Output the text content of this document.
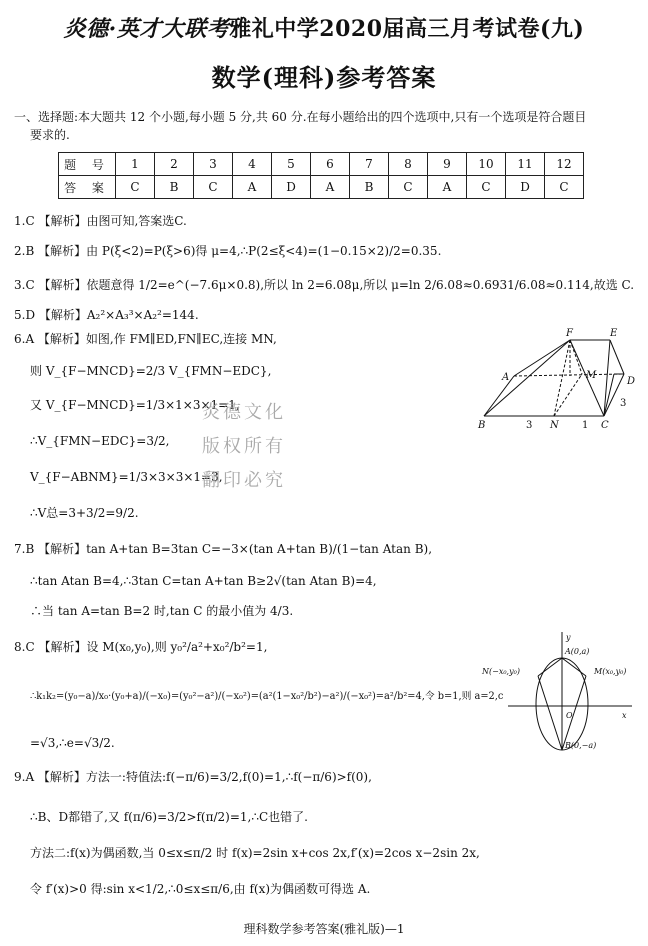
炎德·英才大联考雅礼中学2020届高三月考试卷(九)
数学(理科)参考答案
一、选择题:本大题共 12 个小题,每小题 5 分,共 60 分.在每小题给出的四个选项中,只有一个选项是符合题目
要求的.
题 号	1	2	3	4	5	6	7	8	9	10	11	12
答 案	C	B	C	A	D	A	B	C	A	C	D	C
1.C 【解析】由图可知,答案选C.
2.B 【解析】由 P(ξ<2)=P(ξ>6)得 μ=4,∴P(2≤ξ<4)=(1−0.15×2)/2=0.35.
3.C 【解析】依题意得 1/2=e^(−7.6μ×0.8),所以 ln 2=6.08μ,所以 μ=ln 2/6.08≈0.6931/6.08≈0.114,故选 C.
5.D 【解析】A₂²×A₃³×A₂²=144.
6.A 【解析】如图,作 FM∥ED,FN∥EC,连接 MN,
则 V_{F−MNCD}=2/3 V_{FMN−EDC},
又 V_{F−MNCD}=1/3×1×3×1=1,
∴V_{FMN−EDC}=3/2,
V_{F−ABNM}=1/3×3×3×1=3,
∴V总=3+3/2=9/2.
炎德文化
版权所有
翻印必究
F	E
A	M
D
B	N	C
3	1
3
7.B 【解析】tan A+tan B=3tan C=−3×(tan A+tan B)/(1−tan Atan B),
∴tan Atan B=4,∴3tan C=tan A+tan B≥2√(tan Atan B)=4,
∴当 tan A=tan B=2 时,tan C 的最小值为 4/3.
8.C 【解析】设 M(x₀,y₀),则 y₀²/a²+x₀²/b²=1,
∴k₁k₂=(y₀−a)/x₀·(y₀+a)/(−x₀)=(y₀²−a²)/(−x₀²)=(a²(1−x₀²/b²)−a²)/(−x₀²)=a²/b²=4,令 b=1,则 a=2,c
=√3,∴e=√3/2.
y
A(0,a)
N(−x₀,y₀)	M(x₀,y₀)
O	x
B(0,−a)
9.A 【解析】方法一:特值法:f(−π/6)=3/2,f(0)=1,∴f(−π/6)>f(0),
∴B、D都错了,又 f(π/6)=3/2>f(π/2)=1,∴C也错了.
方法二:f(x)为偶函数,当 0≤x≤π/2 时 f(x)=2sin x+cos 2x,f′(x)=2cos x−2sin 2x,
令 f′(x)>0 得:sin x<1/2,∴0≤x≤π/6,由 f(x)为偶函数可得选 A.
理科数学参考答案(雅礼版)—1
